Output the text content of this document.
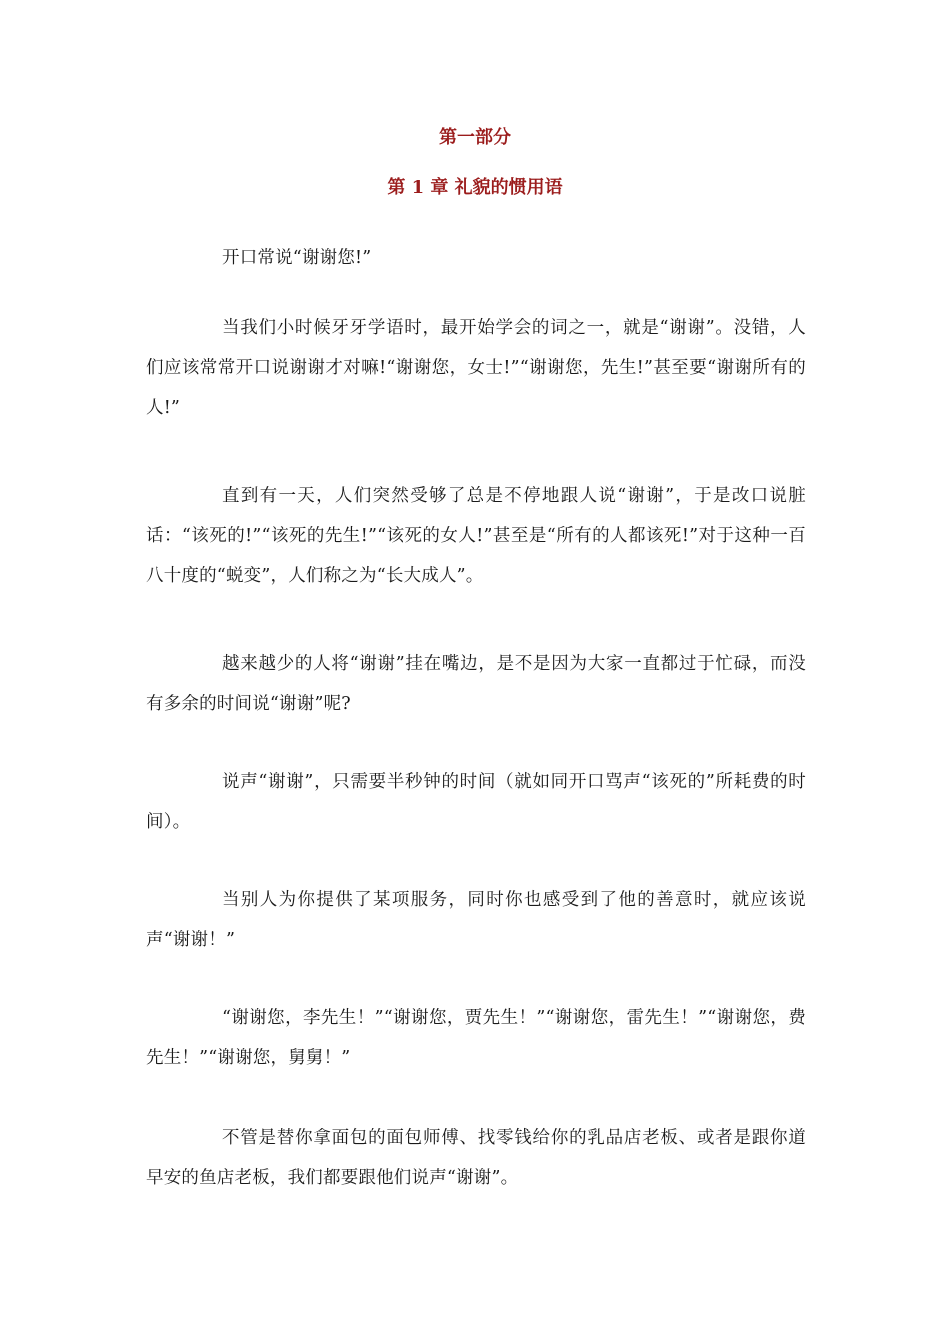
第一部分
第 1 章 礼貌的惯用语

开口常说“谢谢您!”

当我们小时候牙牙学语时，最开始学会的词之一，就是“谢谢”。没错，人们应该常常开口说谢谢才对嘛!“谢谢您，女士!”“谢谢您，先生!”甚至要“谢谢所有的人!”

直到有一天，人们突然受够了总是不停地跟人说“谢谢”，于是改口说脏话：“该死的!”“该死的先生!”“该死的女人!”甚至是“所有的人都该死!”对于这种一百八十度的“蜕变”，人们称之为“长大成人”。

越来越少的人将“谢谢”挂在嘴边，是不是因为大家一直都过于忙碌，而没有多余的时间说“谢谢”呢?

说声“谢谢”，只需要半秒钟的时间（就如同开口骂声“该死的”所耗费的时间）。

当别人为你提供了某项服务，同时你也感受到了他的善意时，就应该说声“谢谢！”

“谢谢您，李先生！”“谢谢您，贾先生！”“谢谢您，雷先生！”“谢谢您，费先生！”“谢谢您，舅舅！”

不管是替你拿面包的面包师傅、找零钱给你的乳品店老板、或者是跟你道早安的鱼店老板，我们都要跟他们说声“谢谢”。
